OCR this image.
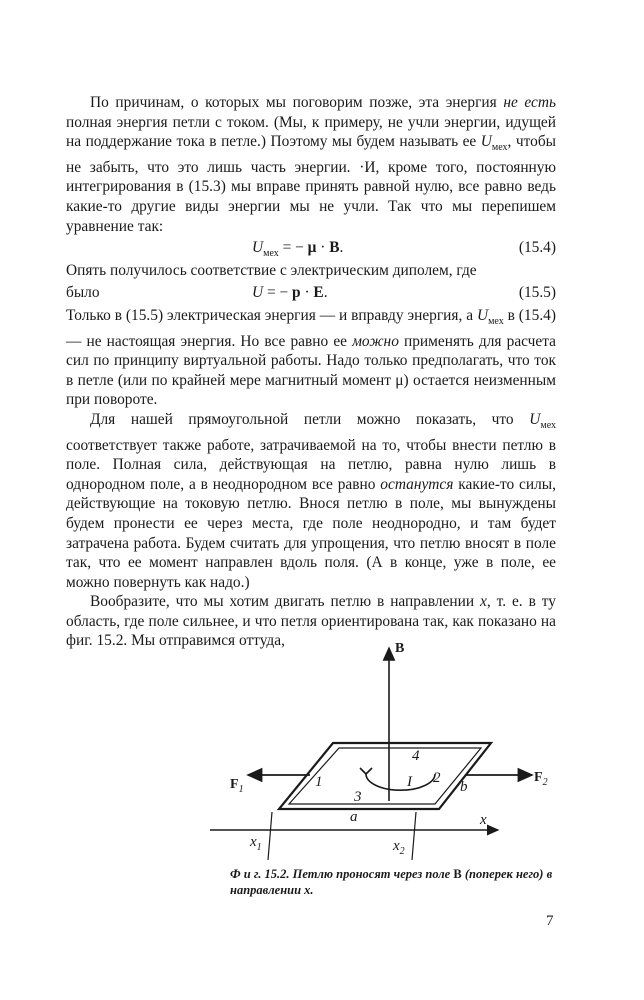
По причинам, о которых мы поговорим позже, эта энергия не есть полная энергия петли с током. (Мы, к примеру, не учли энергии, идущей на поддержание тока в петле.) Поэтому мы будем называть ее $U_{мех}$, чтобы не забыть, что это лишь часть энергии. ·И, кроме того, постоянную интегрирования в (15.3) мы вправе принять равной нулю, все равно ведь какие-то другие виды энергии мы не учли. Так что мы перепишем уравнение так:

$U_{мех}$ = − μ · B.	(15.4)

Опять получилось соответствие с электрическим диполем, где

было	U = − p · E.	(15.5)

Только в (15.5) электрическая энергия — и вправду энергия, а $U_{мех}$ в (15.4) — не настоящая энергия. Но все равно ее можно применять для расчета сил по принципу виртуальной работы. Надо только предполагать, что ток в петле (или по крайней мере магнитный момент μ) остается неизменным при повороте.

Для нашей прямоугольной петли можно показать, что $U_{мех}$ соответствует также работе, затрачиваемой на то, чтобы внести петлю в поле. Полная сила, действующая на петлю, равна нулю лишь в однородном поле, а в неоднородном все равно останутся какие-то силы, действующие на токовую петлю. Внося петлю в поле, мы вынуждены будем пронести ее через места, где поле неоднородно, и там будет затрачена работа. Будем считать для упрощения, что петлю вносят в поле так, что ее момент направлен вдоль поля. (А в конце, уже в поле, ее можно повернуть как надо.)

Вообразите, что мы хотим двигать петлю в направлении x, т. е. в ту область, где поле сильнее, и что петля ориентирована так, как показано на фиг. 15.2. Мы отправимся оттуда,	B
$F_1$
$F_2$
1	2
3
4
I
a
b
x
$x_1$	$x_2$
Ф и г. 15.2. Петлю проносят через поле B (поперек него) в направлении x.
7
